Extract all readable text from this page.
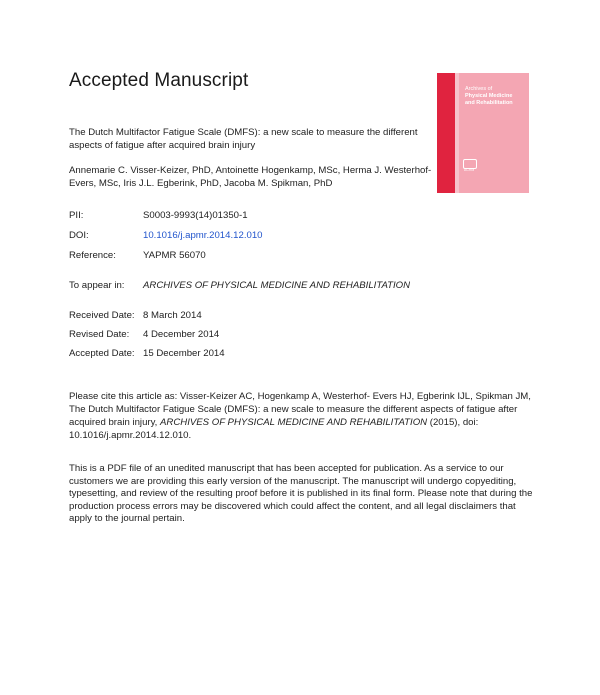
Accepted Manuscript	Archives of
Physical Medicine
and Rehabilitation
ACRM
The Dutch Multifactor Fatigue Scale (DMFS): a new scale to measure the different aspects of fatigue after acquired brain injury
Annemarie C. Visser-Keizer, PhD, Antoinette Hogenkamp, MSc, Herma J. Westerhof-Evers, MSc, Iris J.L. Egberink, PhD, Jacoba M. Spikman, PhD
PII:	S0003-9993(14)01350-1
DOI:	10.1016/j.apmr.2014.12.010
Reference:	YAPMR 56070
To appear in: ARCHIVES OF PHYSICAL MEDICINE AND REHABILITATION
Received Date: 8 March 2014
Revised Date: 4 December 2014
Accepted Date: 15 December 2014
Please cite this article as: Visser-Keizer AC, Hogenkamp A, Westerhof- Evers HJ, Egberink IJL, Spikman JM, The Dutch Multifactor Fatigue Scale (DMFS): a new scale to measure the different aspects of fatigue after acquired brain injury, ARCHIVES OF PHYSICAL MEDICINE AND REHABILITATION (2015), doi: 10.1016/j.apmr.2014.12.010.
This is a PDF file of an unedited manuscript that has been accepted for publication. As a service to our customers we are providing this early version of the manuscript. The manuscript will undergo copyediting, typesetting, and review of the resulting proof before it is published in its final form. Please note that during the production process errors may be discovered which could affect the content, and all legal disclaimers that apply to the journal pertain.
